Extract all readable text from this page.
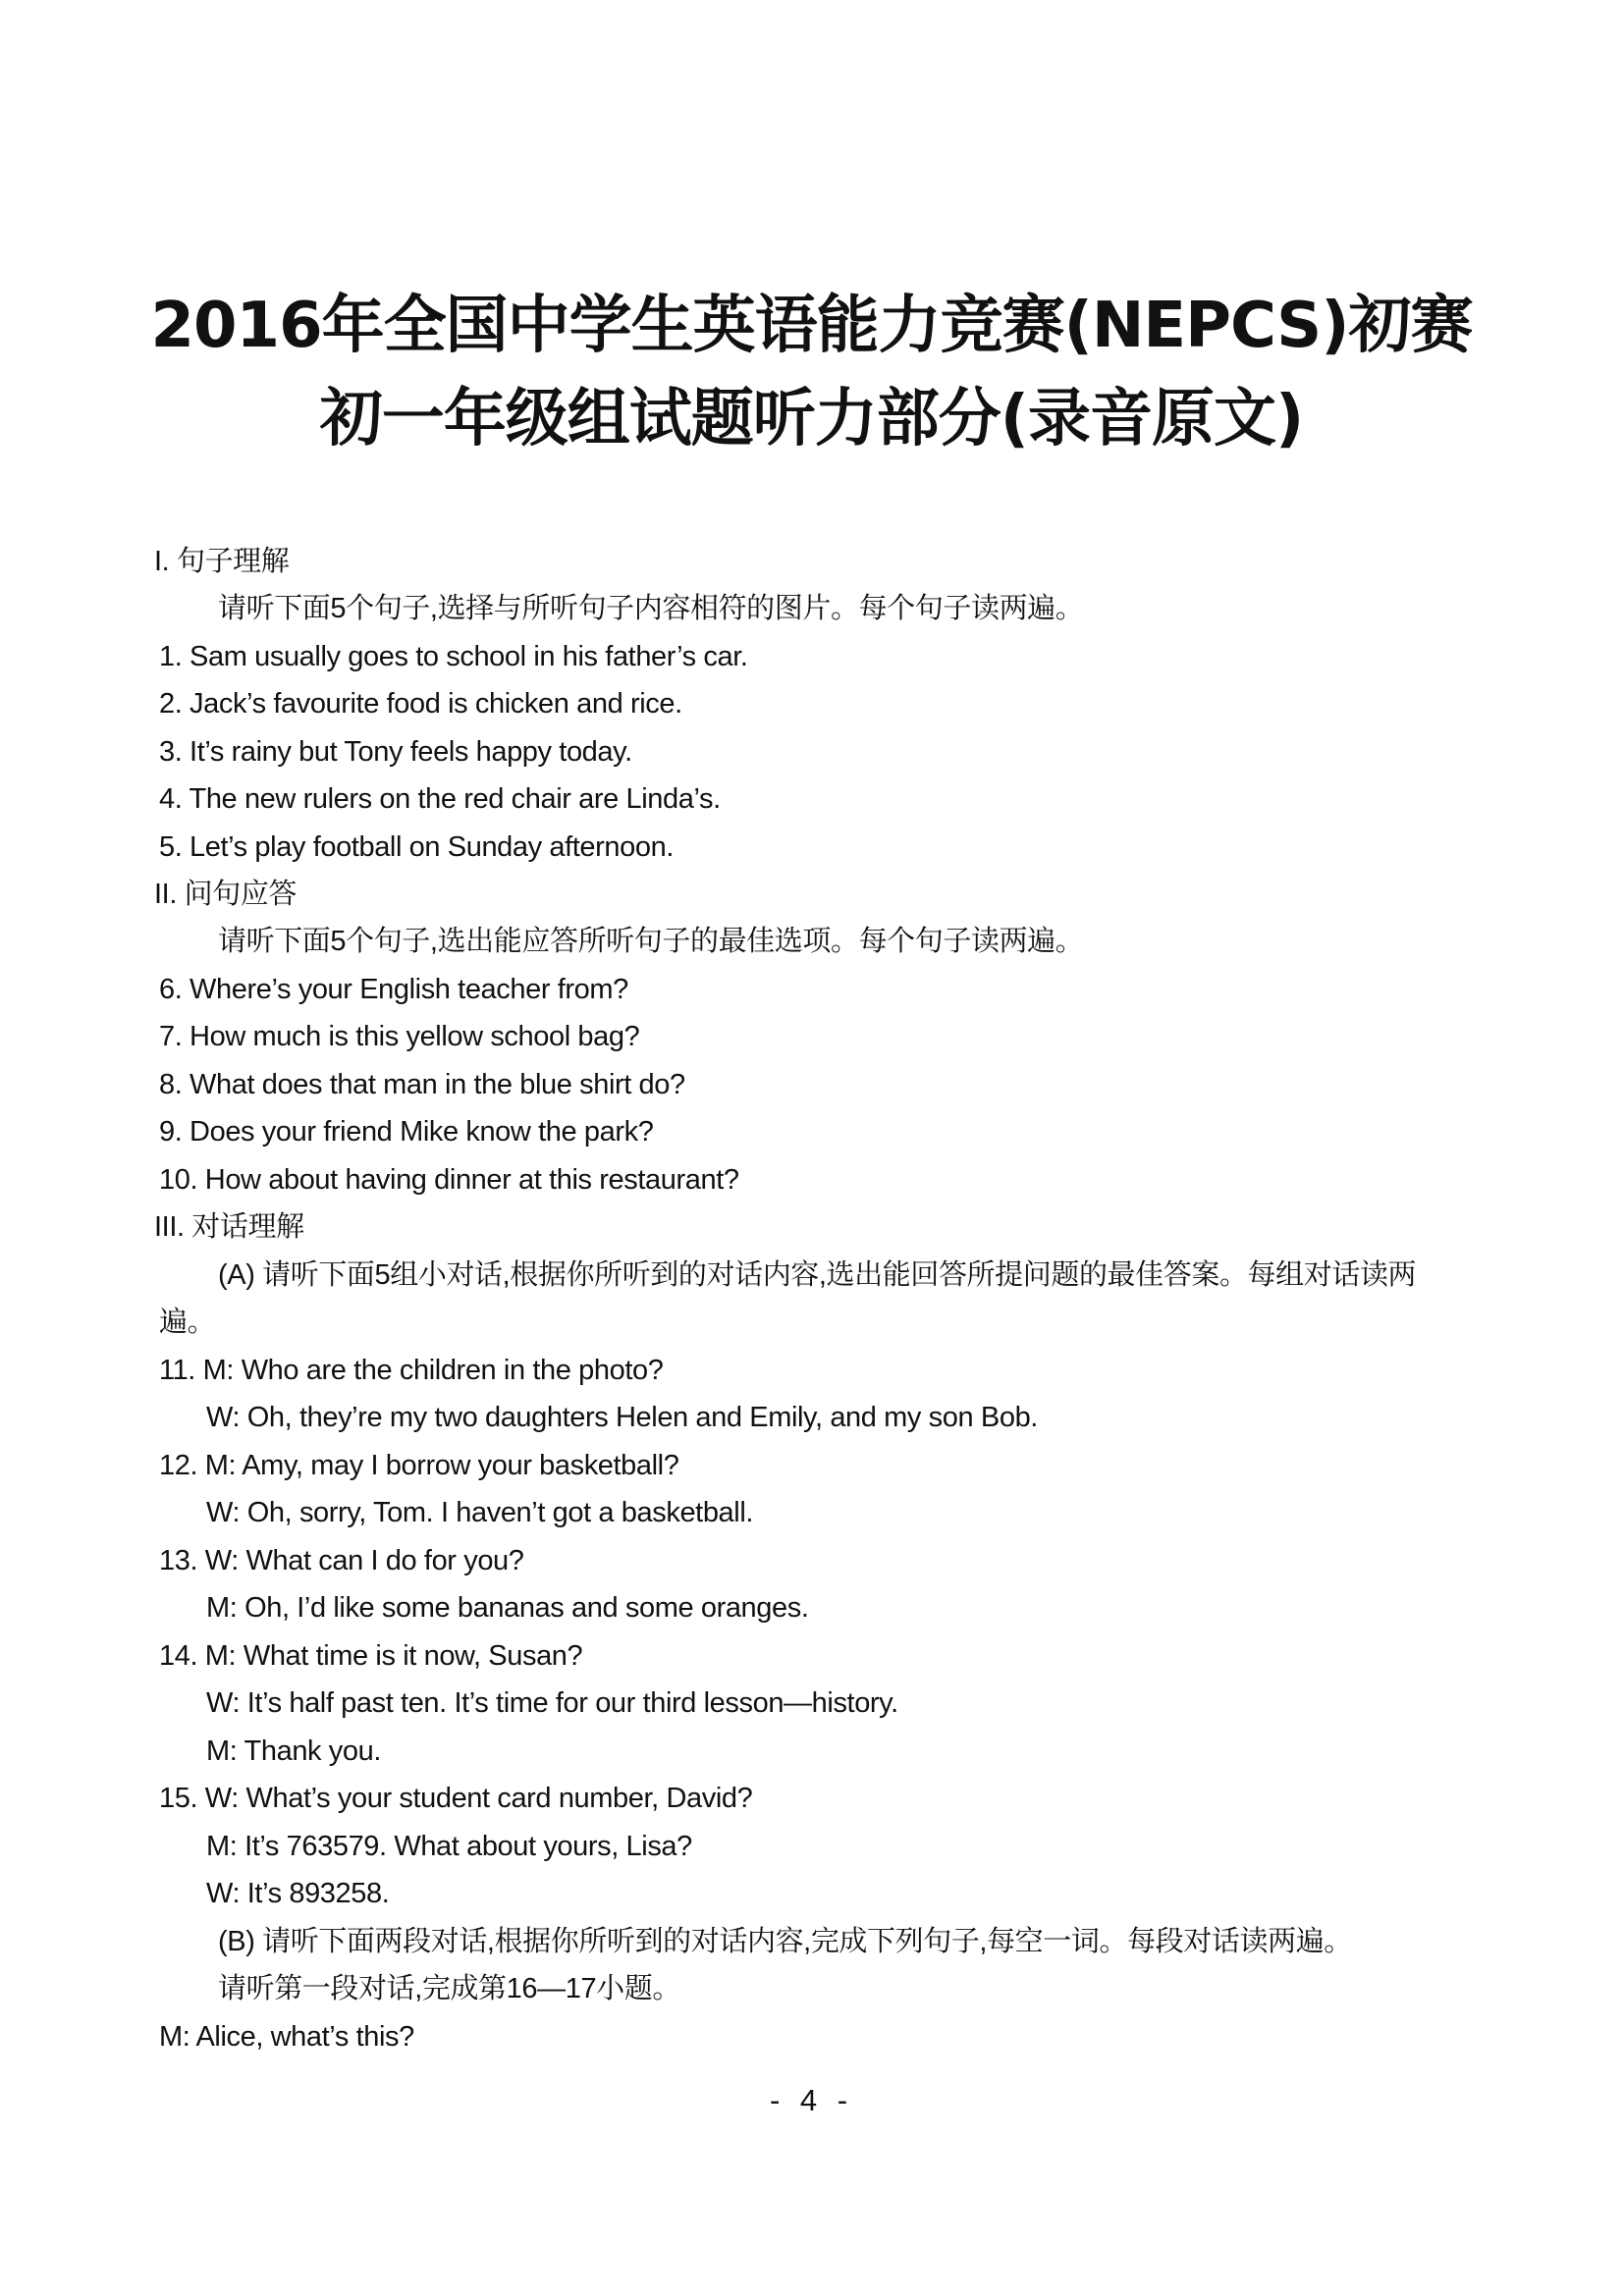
2016年全国中学生英语能力竞赛(NEPCS)初赛
初一年级组试题听力部分(录音原文)
I. 句子理解
请听下面5个句子,选择与所听句子内容相符的图片。每个句子读两遍。
1. Sam usually goes to school in his father’s car.
2. Jack’s favourite food is chicken and rice.
3. It’s rainy but Tony feels happy today.
4. The new rulers on the red chair are Linda’s.
5. Let’s play football on Sunday afternoon.
II. 问句应答
请听下面5个句子,选出能应答所听句子的最佳选项。每个句子读两遍。
6. Where’s your English teacher from?
7. How much is this yellow school bag?
8. What does that man in the blue shirt do?
9. Does your friend Mike know the park?
10. How about having dinner at this restaurant?
III. 对话理解
(A) 请听下面5组小对话,根据你所听到的对话内容,选出能回答所提问题的最佳答案。每组对话读两
遍。
11. M: Who are the children in the photo?
W: Oh, they’re my two daughters Helen and Emily, and my son Bob.
12. M: Amy, may I borrow your basketball?
W: Oh, sorry, Tom. I haven’t got a basketball.
13. W: What can I do for you?
M: Oh, I’d like some bananas and some oranges.
14. M: What time is it now, Susan?
W: It’s half past ten. It’s time for our third lesson—history.
M: Thank you.
15. W: What’s your student card number, David?
M: It’s 763579. What about yours, Lisa?
W: It’s 893258.
(B) 请听下面两段对话,根据你所听到的对话内容,完成下列句子,每空一词。每段对话读两遍。
请听第一段对话,完成第16—17小题。
M: Alice, what’s this?
- 4 -
